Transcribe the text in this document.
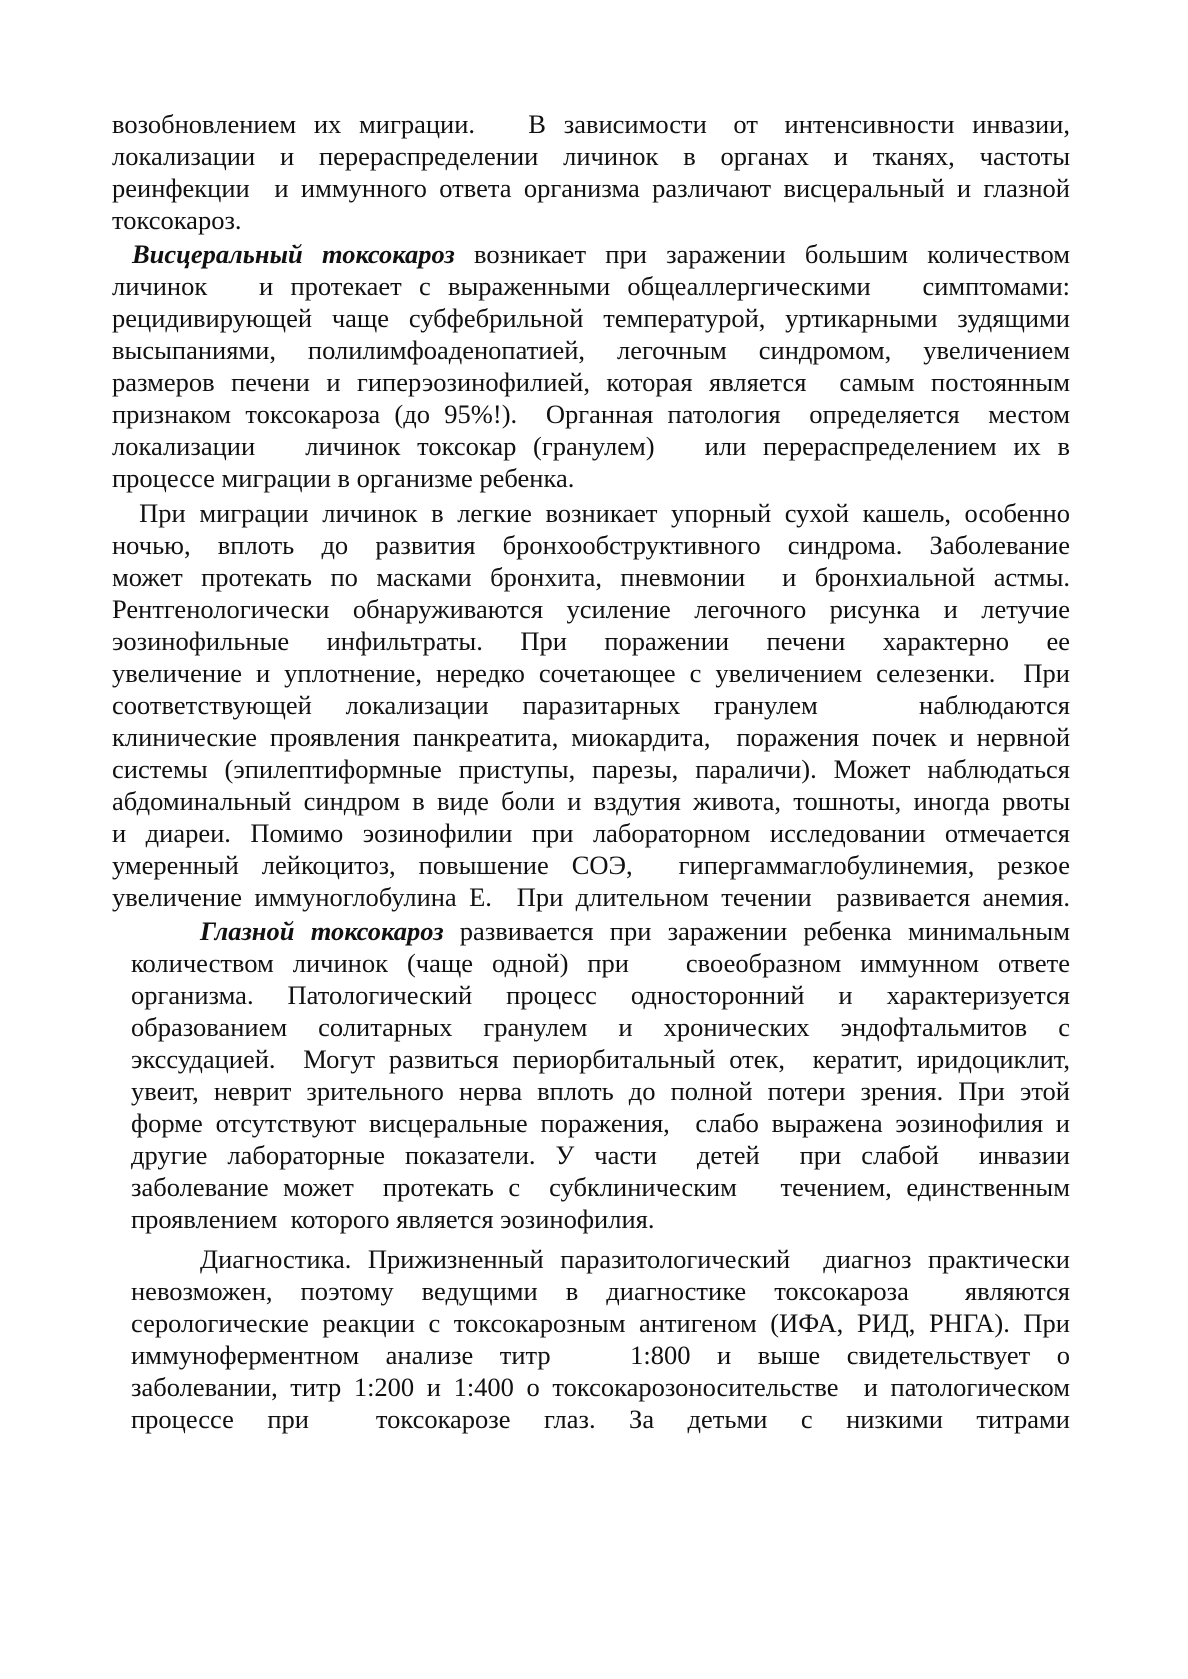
возобновлением  их  миграции.      В  зависимости   от   интенсивности  инвазии,
локализации  и  перераспределении  личинок  в  органах  и  тканях,  частоты
реинфекции  и иммунного ответа организма различают висцеральный и глазной
токсокароз.
Висцеральный токсокароз возникает при заражении большим количеством
личинок   и протекает с выраженными общеаллергическими   симптомами:
рецидивирующей чаще субфебрильной температурой, уртикарными зудящими
высыпаниями, полилимфоаденопатией, легочным синдромом, увеличением
размеров печени и гиперэозинофилией, которая является  самым постоянным
признаком токсокароза (до 95%!).  Органная патология  определяется  местом
локализации   личинок токсокар (гранулем)   или перераспределением их в
процессе миграции в организме ребенка.
При миграции личинок в легкие возникает упорный сухой кашель, особенно
ночью, вплоть до развития бронхообструктивного синдрома. Заболевание
может протекать по масками бронхита, пневмонии  и бронхиальной астмы.
Рентгенологически обнаруживаются усиление легочного рисунка и летучие
эозинофильные инфильтраты. При поражении печени характерно ее
увеличение и уплотнение, нередко сочетающее с увеличением селезенки.  При
соответствующей локализации паразитарных гранулем   наблюдаются
клинические проявления панкреатита, миокардита,  поражения почек и нервной
системы (эпилептиформные приступы, парезы, параличи). Может наблюдаться
абдоминальный синдром в виде боли и вздутия живота, тошноты, иногда рвоты
и диареи. Помимо эозинофилии при лабораторном исследовании отмечается
умеренный лейкоцитоз, повышение СОЭ,  гипергаммаглобулинемия, резкое
увеличение иммуноглобулина Е.  При длительном течении  развивается анемия.
Глазной токсокароз развивается при заражении ребенка минимальным
количеством личинок (чаще одной) при   своеобразном иммунном ответе
организма. Патологический процесс односторонний и характеризуется
образованием солитарных гранулем и хронических эндофтальмитов с
экссудацией.  Могут развиться периорбитальный отек,  кератит, иридоциклит,
увеит, неврит зрительного нерва вплоть до полной потери зрения. При этой
форме отсутствуют висцеральные поражения,  слабо выражена эозинофилия и
другие лабораторные показатели. У части  детей  при слабой  инвазии
заболевание может  протекать с  субклиническим   течением, единственным
проявлением  которого является эозинофилия.
Диагностика. Прижизненный паразитологический  диагноз практически
невозможен, поэтому ведущими в диагностике токсокароза  являются
серологические реакции с токсокарозным антигеном (ИФА, РИД, РНГА). При
иммуноферментном анализе титр   1:800 и выше свидетельствует о
заболевании, титр 1:200 и 1:400 о токсокарозоносительстве  и патологическом
процессе при  токсокарозе глаз. За детьми с низкими титрами
